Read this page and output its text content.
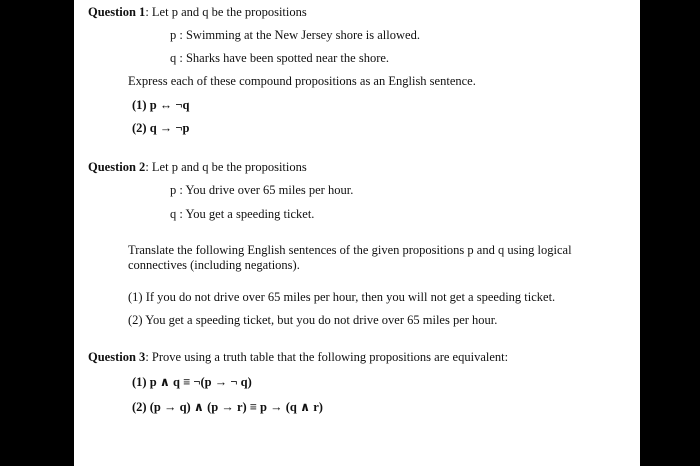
Question 1: Let p and q be the propositions
p : Swimming at the New Jersey shore is allowed.
q : Sharks have been spotted near the shore.
Express each of these compound propositions as an English sentence.
(1) p ↔ ¬q
(2) q → ¬p
Question 2: Let p and q be the propositions
p : You drive over 65 miles per hour.
q : You get a speeding ticket.
Translate the following English sentences of the given propositions p and q using logical connectives (including negations).
(1) If you do not drive over 65 miles per hour, then you will not get a speeding ticket.
(2) You get a speeding ticket, but you do not drive over 65 miles per hour.
Question 3: Prove using a truth table that the following propositions are equivalent:
(1) p ∧ q ≡ ¬(p → ¬ q)
(2) (p → q) ∧ (p → r) ≡ p → (q ∧ r)
